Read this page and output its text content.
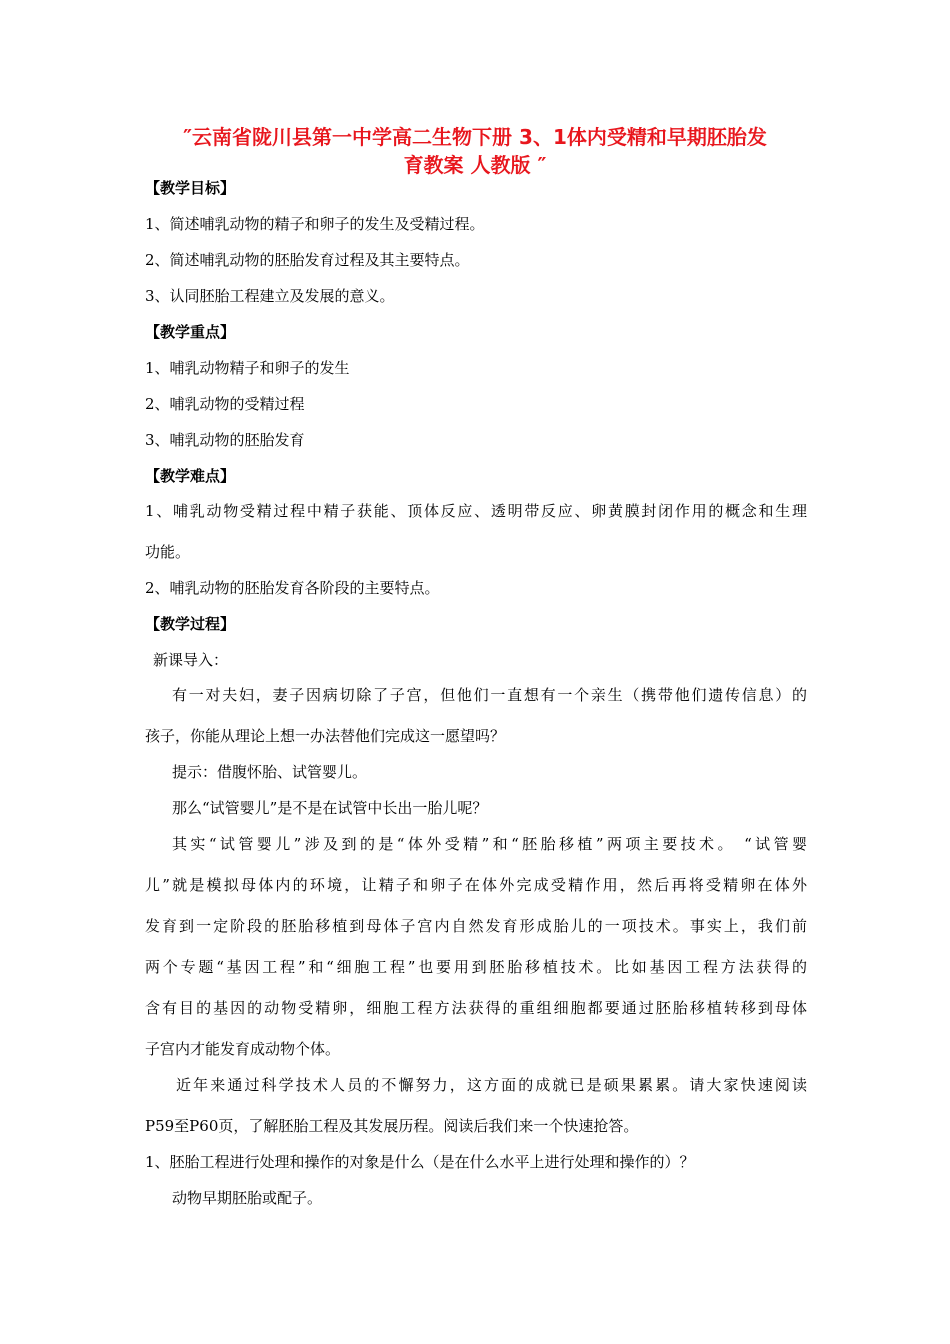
″云南省陇川县第一中学高二生物下册 3、1体内受精和早期胚胎发

育教案 人教版 ″

【教学目标】

1、简述哺乳动物的精子和卵子的发生及受精过程。

2、简述哺乳动物的胚胎发育过程及其主要特点。

3、认同胚胎工程建立及发展的意义。

【教学重点】

1、哺乳动物精子和卵子的发生

2、哺乳动物的受精过程

3、哺乳动物的胚胎发育

【教学难点】

1、哺乳动物受精过程中精子获能、顶体反应、透明带反应、卵黄膜封闭作用的概念和生理

功能。

2、哺乳动物的胚胎发育各阶段的主要特点。

【教学过程】

新课导入：

有一对夫妇，妻子因病切除了子宫，但他们一直想有一个亲生（携带他们遗传信息）的

孩子，你能从理论上想一办法替他们完成这一愿望吗？

提示：借腹怀胎、试管婴儿。

那么“试管婴儿”是不是在试管中长出一胎儿呢？

其实“试管婴儿”涉及到的是“体外受精”和“胚胎移植”两项主要技术。 “试管婴

儿”就是模拟母体内的环境，让精子和卵子在体外完成受精作用，然后再将受精卵在体外

发育到一定阶段的胚胎移植到母体子宫内自然发育形成胎儿的一项技术。事实上，我们前

两个专题“基因工程”和“细胞工程”也要用到胚胎移植技术。比如基因工程方法获得的

含有目的基因的动物受精卵，细胞工程方法获得的重组细胞都要通过胚胎移植转移到母体

子宫内才能发育成动物个体。

近年来通过科学技术人员的不懈努力，这方面的成就已是硕果累累。请大家快速阅读

P59至P60页，了解胚胎工程及其发展历程。阅读后我们来一个快速抢答。

1、胚胎工程进行处理和操作的对象是什么（是在什么水平上进行处理和操作的）？

动物早期胚胎或配子。
